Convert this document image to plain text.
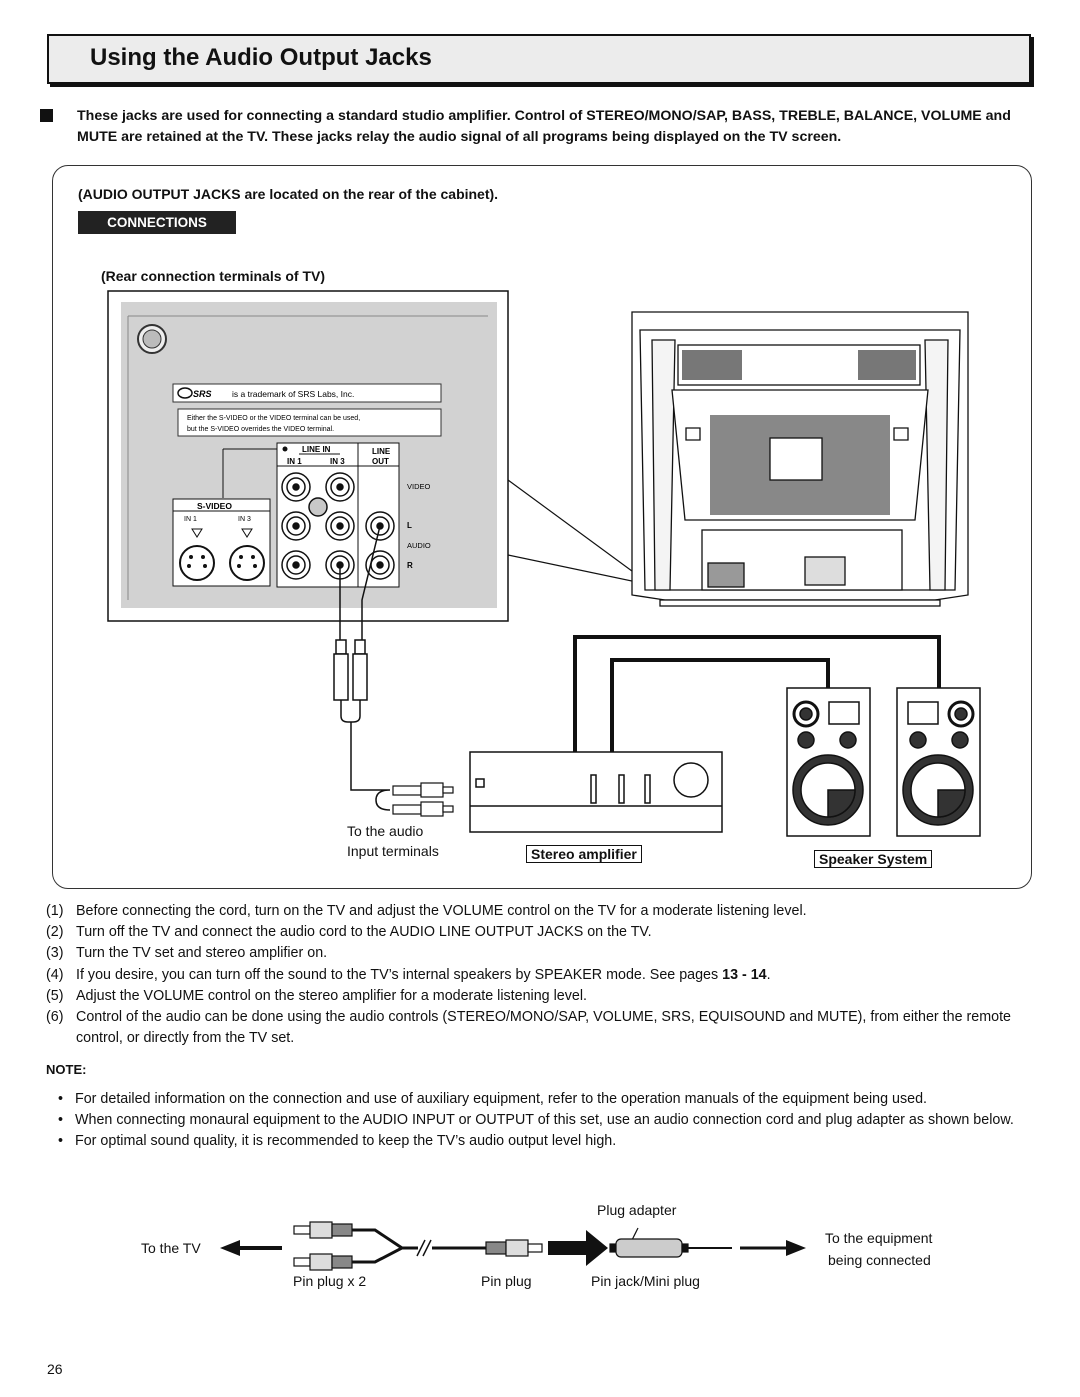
Using the Audio Output Jacks
These jacks are used for connecting a standard studio amplifier. Control of STEREO/MONO/SAP, BASS, TREBLE, BALANCE, VOLUME and MUTE are retained at the TV. These jacks relay the audio signal of all programs being displayed on the TV screen.
(AUDIO OUTPUT JACKS are located on the rear of the cabinet).
CONNECTIONS
(Rear connection terminals of TV)
SRS is a trademark of SRS Labs, Inc.
Either the S-VIDEO or the VIDEO terminal can be used,
but the S-VIDEO overrides the VIDEO terminal.
LINE IN
IN 1	IN 3
LINE
OUT
VIDEO
L
AUDIO
R
S-VIDEO
IN 1	IN 3
To the audio
Input terminals	Stereo amplifier	Speaker System
(1) Before connecting the cord, turn on the TV and adjust the VOLUME control on the TV for a moderate listening level.
(2) Turn off the TV and connect the audio cord to the AUDIO LINE OUTPUT JACKS on the TV.
(3) Turn the TV set and stereo amplifier on.
(4) If you desire, you can turn off the sound to the TV’s internal speakers by SPEAKER mode. See pages 13 - 14.
(5) Adjust the VOLUME control on the stereo amplifier for a moderate listening level.
(6) Control of the audio can be done using the audio controls (STEREO/MONO/SAP, VOLUME, SRS, EQUISOUND and MUTE), from either the remote control, or directly from the TV set.
NOTE:
• For detailed information on the connection and use of auxiliary equipment, refer to the operation manuals of the equipment being used.
• When connecting monaural equipment to the AUDIO INPUT or OUTPUT of this set, use an audio connection cord and plug adapter as shown below.
• For optimal sound quality, it is recommended to keep the TV’s audio output level high.
Plug adapter
To the TV
To the equipment
being connected
Pin plug x 2	Pin plug	Pin jack/Mini plug
26
